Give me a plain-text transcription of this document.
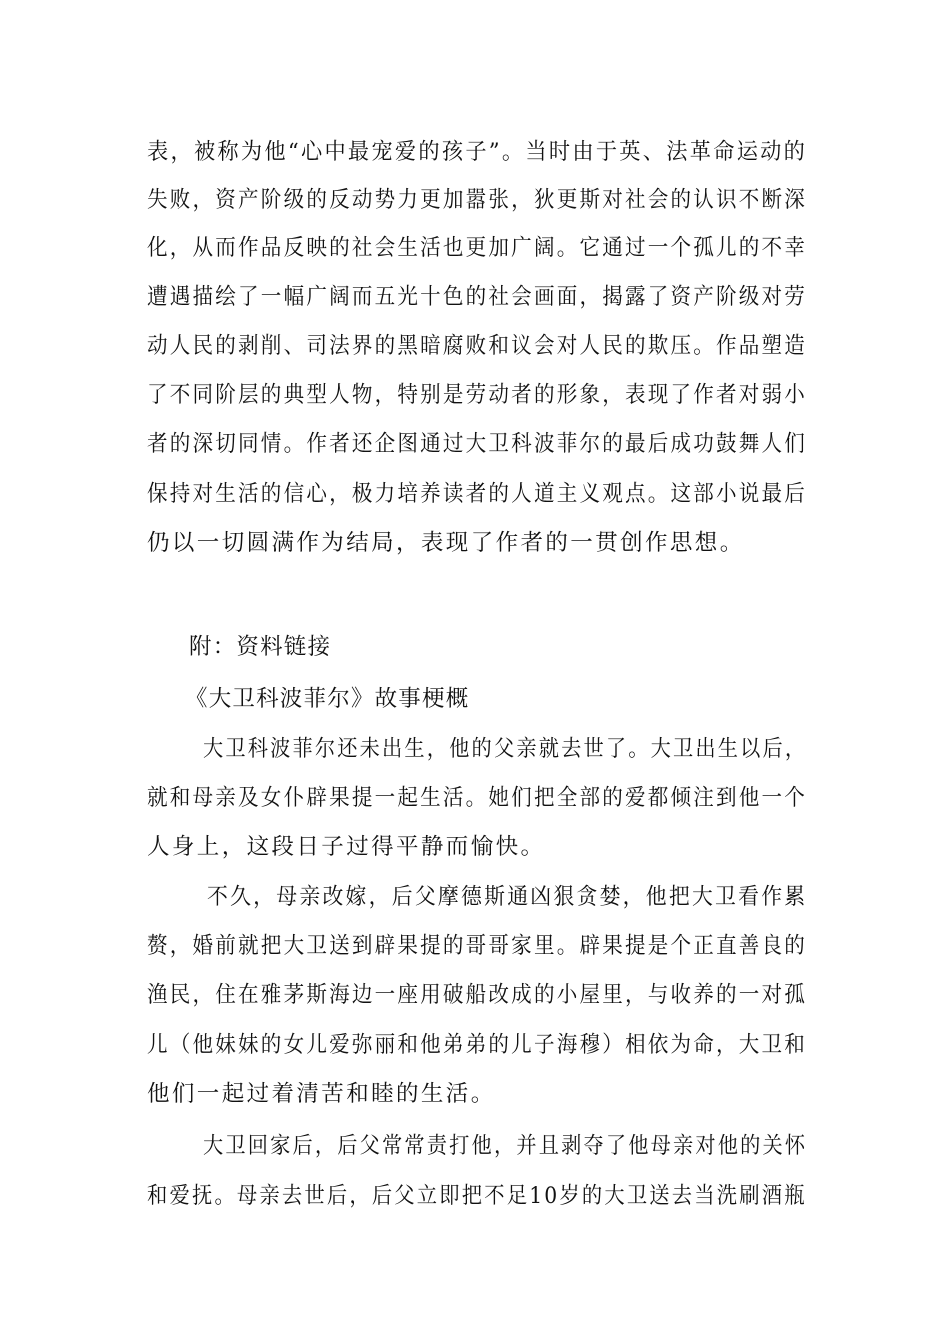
表，被称为他“心中最宠爱的孩子”。当时由于英、法革命运动的
失败，资产阶级的反动势力更加嚣张，狄更斯对社会的认识不断深
化，从而作品反映的社会生活也更加广阔。它通过一个孤儿的不幸
遭遇描绘了一幅广阔而五光十色的社会画面，揭露了资产阶级对劳
动人民的剥削、司法界的黑暗腐败和议会对人民的欺压。作品塑造
了不同阶层的典型人物，特别是劳动者的形象，表现了作者对弱小
者的深切同情。作者还企图通过大卫科波菲尔的最后成功鼓舞人们
保持对生活的信心，极力培养读者的人道主义观点。这部小说最后
仍以一切圆满作为结局，表现了作者的一贯创作思想。
附：资料链接
《大卫科波菲尔》故事梗概
大卫科波菲尔还未出生，他的父亲就去世了。大卫出生以后，
就和母亲及女仆辟果提一起生活。她们把全部的爱都倾注到他一个
人身上，这段日子过得平静而愉快。
不久，母亲改嫁，后父摩德斯通凶狠贪婪，他把大卫看作累
赘，婚前就把大卫送到辟果提的哥哥家里。辟果提是个正直善良的
渔民，住在雅茅斯海边一座用破船改成的小屋里，与收养的一对孤
儿（他妹妹的女儿爱弥丽和他弟弟的儿子海穆）相依为命，大卫和
他们一起过着清苦和睦的生活。
大卫回家后，后父常常责打他，并且剥夺了他母亲对他的关怀
和爱抚。母亲去世后，后父立即把不足10岁的大卫送去当洗刷酒瓶
